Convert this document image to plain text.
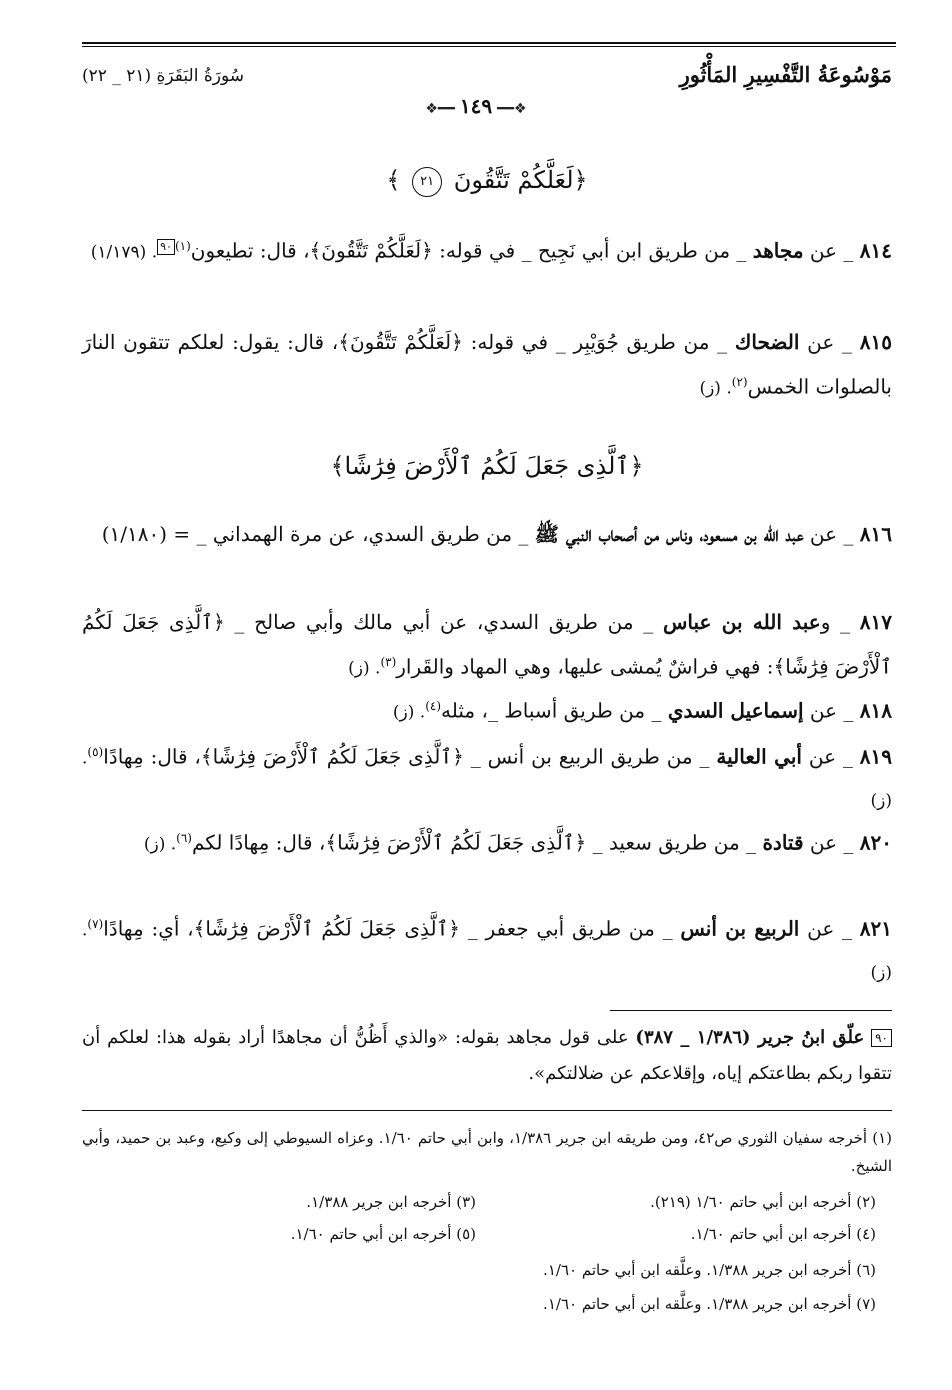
مَوْسُوعَةُ التَّفْسِيرِ المَأْثُورِ
سُورَةُ البَقَرَةِ (٢١ _ ٢٢)
❖━━ ١٤٩ ━━❖
﴿لَعَلَّكُمْ تَتَّقُونَ ٢١ ﴾
٨١٤ _ عن مجاهد _ من طريق ابن أبي نَجِيح _ في قوله: ﴿لَعَلَّكُمْ تَتَّقُونَ﴾، قال: تطيعون$^{(١)}$٩٠. (١/١٧٩)
٨١٥ _ عن الضحاك _ من طريق جُوَيْبِر _ في قوله: ﴿لَعَلَّكُمْ تَتَّقُونَ﴾، قال: يقول: لعلكم تتقون النارَ بالصلوات الخمس$^{(٢)}$. (ز)
﴿ٱلَّذِى جَعَلَ لَكُمُ ٱلْأَرْضَ فِرَٰشًا﴾
٨١٦ _ عن عبد الله بن مسعود، وناس من أصحاب النبي ﷺ _ من طريق السدي، عن مرة الهمداني _ = (١/١٨٠)
٨١٧ _ وعبد الله بن عباس _ من طريق السدي، عن أبي مالك وأبي صالح _ ﴿ٱلَّذِى جَعَلَ لَكُمُ ٱلْأَرْضَ فِرَٰشًا﴾: فهي فراشٌ يُمشى عليها، وهي المهاد والقَرار$^{(٣)}$. (ز)
٨١٨ _ عن إسماعيل السدي _ من طريق أسباط _، مثله$^{(٤)}$. (ز)
٨١٩ _ عن أبي العالية _ من طريق الربيع بن أنس _ ﴿ٱلَّذِى جَعَلَ لَكُمُ ٱلْأَرْضَ فِرَٰشًا﴾، قال: مِهادًا$^{(٥)}$. (ز)
٨٢٠ _ عن قتادة _ من طريق سعيد _ ﴿ٱلَّذِى جَعَلَ لَكُمُ ٱلْأَرْضَ فِرَٰشًا﴾، قال: مِهادًا لكم$^{(٦)}$. (ز)
٨٢١ _ عن الربيع بن أنس _ من طريق أبي جعفر _ ﴿ٱلَّذِى جَعَلَ لَكُمُ ٱلْأَرْضَ فِرَٰشًا﴾، أي: مِهادًا$^{(٧)}$. (ز)
٩٠ علّق ابنُ جرير (١/٣٨٦ _ ٣٨٧) على قول مجاهد بقوله: «والذي أَظُنُّ أن مجاهدًا أراد بقوله هذا: لعلكم أن تتقوا ربكم بطاعتكم إياه، وإقلاعكم عن ضلالتكم».
(١) أخرجه سفيان الثوري ص٤٢، ومن طريقه ابن جرير ١/٣٨٦، وابن أبي حاتم ١/٦٠. وعزاه السيوطي إلى وكيع، وعبد بن حميد، وأبي الشيخ.
(٢) أخرجه ابن أبي حاتم ١/٦٠ (٢١٩).
(٣) أخرجه ابن جرير ١/٣٨٨.
(٤) أخرجه ابن أبي حاتم ١/٦٠.
(٥) أخرجه ابن أبي حاتم ١/٦٠.
(٦) أخرجه ابن جرير ١/٣٨٨. وعلَّقه ابن أبي حاتم ١/٦٠.
(٧) أخرجه ابن جرير ١/٣٨٨. وعلَّقه ابن أبي حاتم ١/٦٠.
